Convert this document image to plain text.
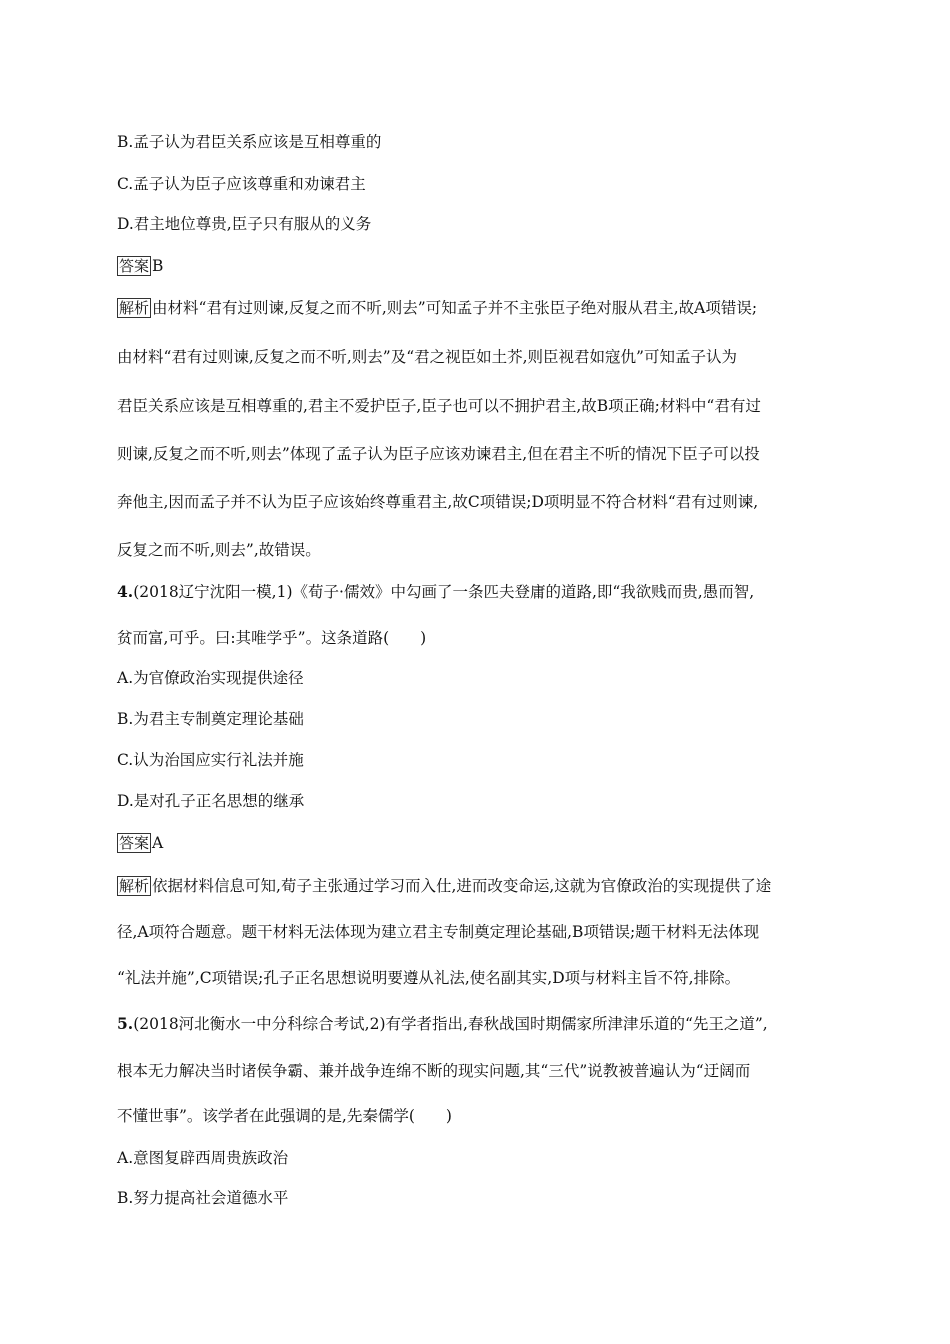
B.孟子认为君臣关系应该是互相尊重的
C.孟子认为臣子应该尊重和劝谏君主
D.君主地位尊贵,臣子只有服从的义务
答案 B
解析 由材料“君有过则谏,反复之而不听,则去”可知孟子并不主张臣子绝对服从君主,故A项错误;
由材料“君有过则谏,反复之而不听,则去”及“君之视臣如土芥,则臣视君如寇仇”可知孟子认为
君臣关系应该是互相尊重的,君主不爱护臣子,臣子也可以不拥护君主,故B项正确;材料中“君有过
则谏,反复之而不听,则去”体现了孟子认为臣子应该劝谏君主,但在君主不听的情况下臣子可以投
奔他主,因而孟子并不认为臣子应该始终尊重君主,故C项错误;D项明显不符合材料“君有过则谏,
反复之而不听,则去”,故错误。
4.(2018辽宁沈阳一模,1)《荀子·儒效》中勾画了一条匹夫登庸的道路,即“我欲贱而贵,愚而智,
贫而富,可乎。曰:其唯学乎”。这条道路(　　)
A.为官僚政治实现提供途径
B.为君主专制奠定理论基础
C.认为治国应实行礼法并施
D.是对孔子正名思想的继承
答案 A
解析 依据材料信息可知,荀子主张通过学习而入仕,进而改变命运,这就为官僚政治的实现提供了途
径,A项符合题意。题干材料无法体现为建立君主专制奠定理论基础,B项错误;题干材料无法体现
“礼法并施”,C项错误;孔子正名思想说明要遵从礼法,使名副其实,D项与材料主旨不符,排除。
5.(2018河北衡水一中分科综合考试,2)有学者指出,春秋战国时期儒家所津津乐道的“先王之道”,
根本无力解决当时诸侯争霸、兼并战争连绵不断的现实问题,其“三代”说教被普遍认为“迂阔而
不懂世事”。该学者在此强调的是,先秦儒学(　　)
A.意图复辟西周贵族政治
B.努力提高社会道德水平
